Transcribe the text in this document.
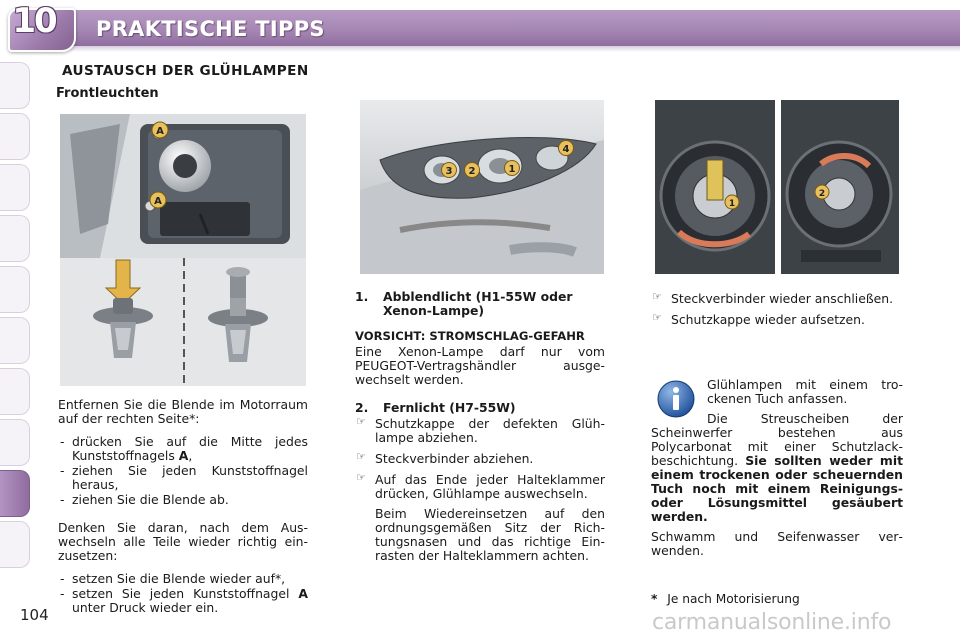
10 PRAKTISCHE TIPPS
104
AUSTAUSCH DER GLÜHLAMPEN
Frontleuchten
A
A
3 2	1
4
1
2

Entfernen Sie die Blende im Motorraum auf der rechten Seite*:

- drücken Sie auf die Mitte jedes Kunststoffnagels A,
- ziehen Sie jeden Kunststoffnagel heraus,
- ziehen Sie die Blende ab.

Denken Sie daran, nach dem Auswechseln alle Teile wieder richtig einzusetzen:

- setzen Sie die Blende wieder auf*,
- setzen Sie jeden Kunststoffnagel A unter Druck wieder ein.
1. Abblendlicht (H1-55W oder Xenon-Lampe)
VORSICHT: STROMSCHLAG-GEFAHR

Eine Xenon-Lampe darf nur vom PEUGEOT-Vertragshändler ausgewechselt werden.

2. Fernlicht (H7-55W)
☞ Schutzkappe der defekten Glühlampe abziehen.
☞ Steckverbinder abziehen.
☞ Auf das Ende jeder Halteklammer drücken, Glühlampe auswechseln.
Beim Wiedereinsetzen auf den ordnungsgemäßen Sitz der Richtungsnasen und das richtige Einrasten der Halteklammern achten.
☞ Steckverbinder wieder anschließen.
☞ Schutzkappe wieder aufsetzen.

Glühlampen mit einem trockenen Tuch anfassen.

Die Streuscheiben der Scheinwerfer bestehen aus Polycarbonat mit einer Schutzlackbeschichtung. Sie sollten weder mit einem trockenen oder scheuernden Tuch noch mit einem Reinigungs- oder Lösungsmittel gesäubert werden.

Schwamm und Seifenwasser verwenden.

* Je nach Motorisierung
carmanualsonline.info
